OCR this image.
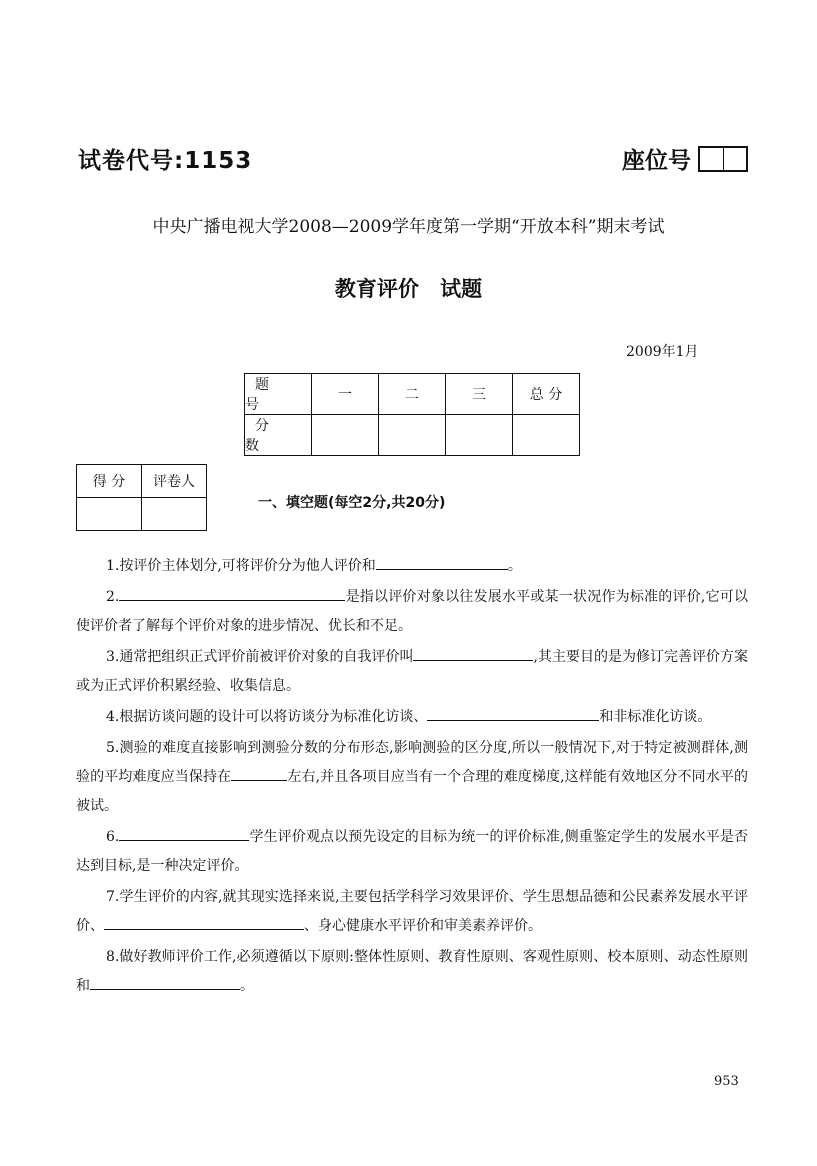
试卷代号:1153	座位号
中央广播电视大学2008—2009学年度第一学期“开放本科”期末考试
教育评价 试题
2009年1月
题 号	一	二	三	总 分
分 数				
得 分	评卷人

一、填空题(每空2分,共20分)
1.按评价主体划分,可将评价分为他人评价和	。
2.	是指以评价对象以往发展水平或某一状况作为标准的评价,它可以使评价者了解每个评价对象的进步情况、优长和不足。
3.通常把组织正式评价前被评价对象的自我评价叫	,其主要目的是为修订完善评价方案或为正式评价积累经验、收集信息。
4.根据访谈问题的设计可以将访谈分为标准化访谈、	和非标准化访谈。
5.测验的难度直接影响到测验分数的分布形态,影响测验的区分度,所以一般情况下,对于特定被测群体,测验的平均难度应当保持在	左右,并且各项目应当有一个合理的难度梯度,这样能有效地区分不同水平的被试。
6.	学生评价观点以预先设定的目标为统一的评价标准,侧重鉴定学生的发展水平是否达到目标,是一种决定评价。
7.学生评价的内容,就其现实选择来说,主要包括学科学习效果评价、学生思想品德和公民素养发展水平评价、	、身心健康水平评价和审美素养评价。
8.做好教师评价工作,必须遵循以下原则:整体性原则、教育性原则、客观性原则、校本原则、动态性原则和	。
953
